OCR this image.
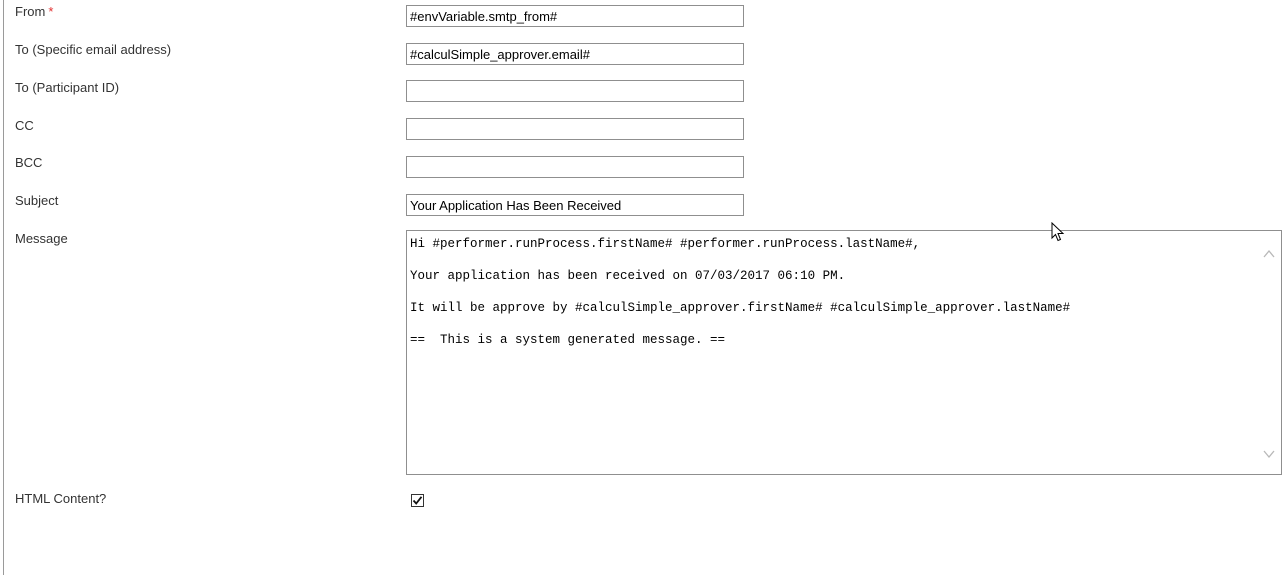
From *
#envVariable.smtp_from#
To (Specific email address)
#calculSimple_approver.email#
To (Participant ID)
CC
BCC
Subject
Your Application Has Been Received
Message	Hi #performer.runProcess.firstName# #performer.runProcess.lastName#,
Your application has been received on 07/03/2017 06:10 PM.
It will be approve by #calculSimple_approver.firstName# #calculSimple_approver.lastName#
==  This is a system generated message. ==
HTML Content?
